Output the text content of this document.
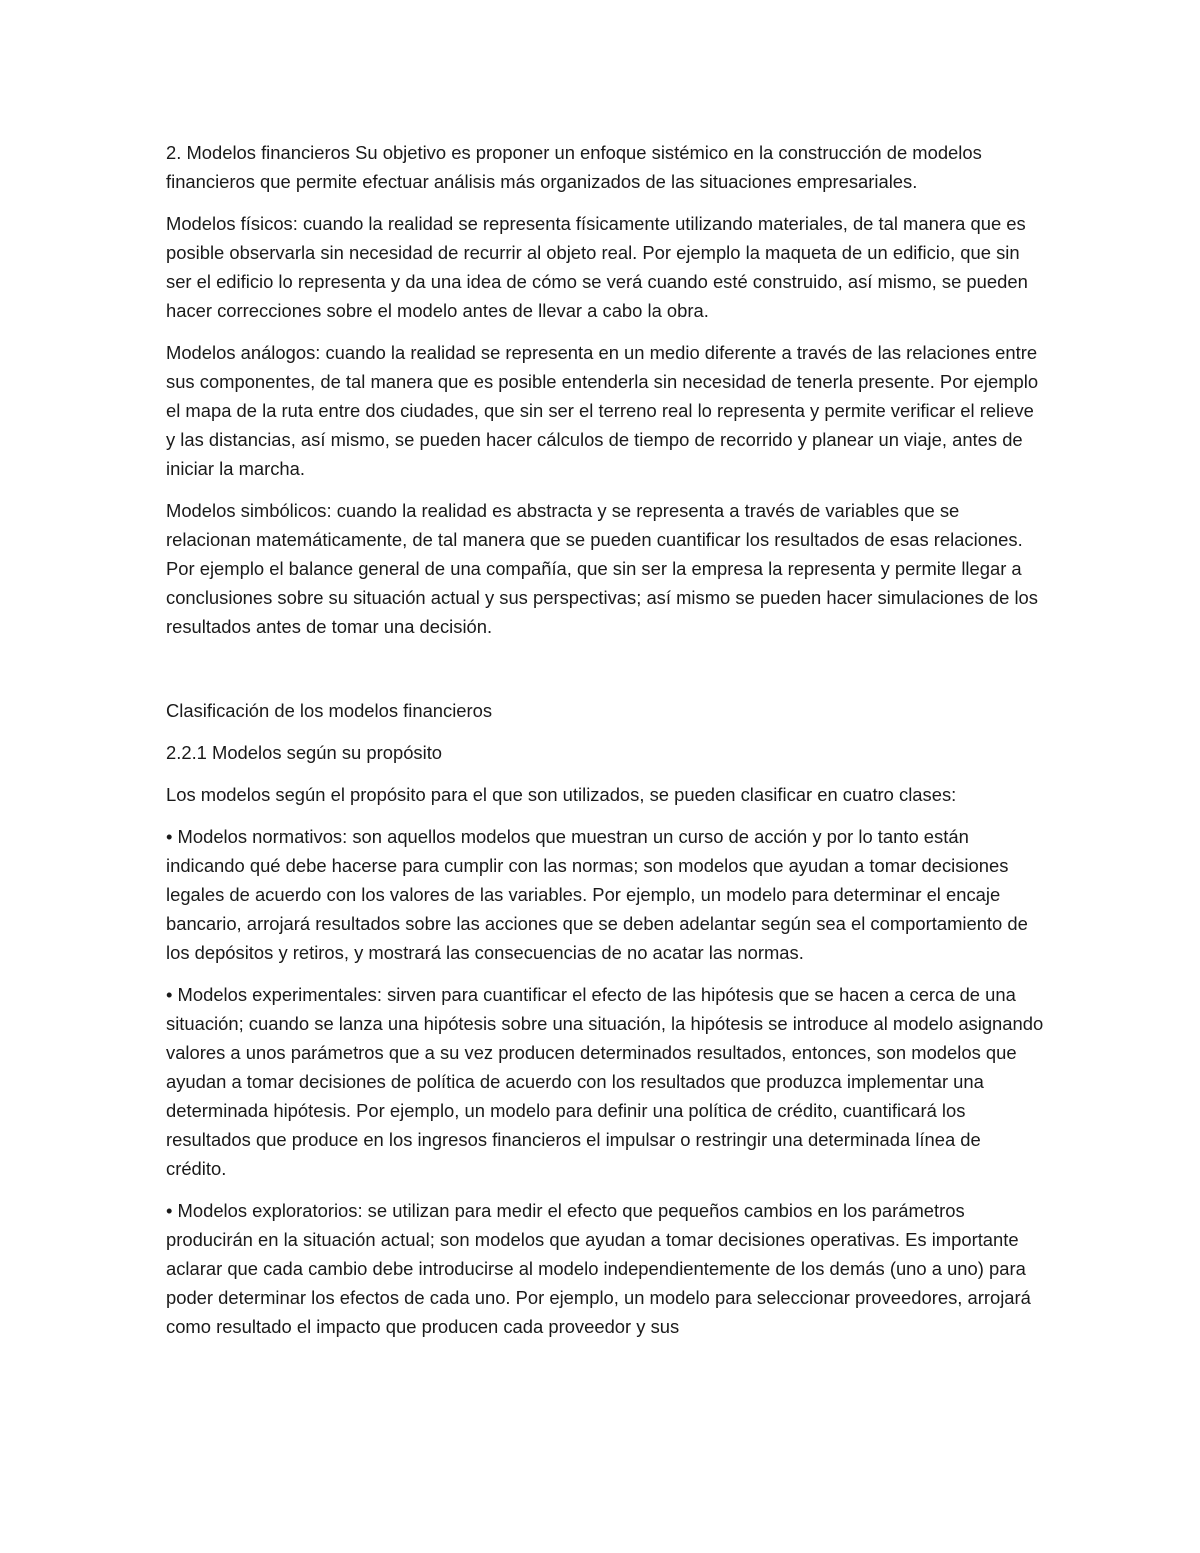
2. Modelos financieros Su objetivo es proponer un enfoque sistémico en la construcción de modelos financieros que permite efectuar análisis más organizados de las situaciones empresariales.

Modelos físicos: cuando la realidad se representa físicamente utilizando materiales, de tal manera que es posible observarla sin necesidad de recurrir al objeto real. Por ejemplo la maqueta de un edificio, que sin ser el edificio lo representa y da una idea de cómo se verá cuando esté construido, así mismo, se pueden hacer correcciones sobre el modelo antes de llevar a cabo la obra.

Modelos análogos: cuando la realidad se representa en un medio diferente a través de las relaciones entre sus componentes, de tal manera que es posible entenderla sin necesidad de tenerla presente. Por ejemplo el mapa de la ruta entre dos ciudades, que sin ser el terreno real lo representa y permite verificar el relieve y las distancias, así mismo, se pueden hacer cálculos de tiempo de recorrido y planear un viaje, antes de iniciar la marcha.

Modelos simbólicos: cuando la realidad es abstracta y se representa a través de variables que se relacionan matemáticamente, de tal manera que se pueden cuantificar los resultados de esas relaciones. Por ejemplo el balance general de una compañía, que sin ser la empresa la representa y permite llegar a conclusiones sobre su situación actual y sus perspectivas; así mismo se pueden hacer simulaciones de los resultados antes de tomar una decisión.

Clasificación de los modelos financieros

2.2.1 Modelos según su propósito

Los modelos según el propósito para el que son utilizados, se pueden clasificar en cuatro clases:

• Modelos normativos: son aquellos modelos que muestran un curso de acción y por lo tanto están indicando qué debe hacerse para cumplir con las normas; son modelos que ayudan a tomar decisiones legales de acuerdo con los valores de las variables. Por ejemplo, un modelo para determinar el encaje bancario, arrojará resultados sobre las acciones que se deben adelantar según sea el comportamiento de los depósitos y retiros, y mostrará las consecuencias de no acatar las normas.

• Modelos experimentales: sirven para cuantificar el efecto de las hipótesis que se hacen a cerca de una situación; cuando se lanza una hipótesis sobre una situación, la hipótesis se introduce al modelo asignando valores a unos parámetros que a su vez producen determinados resultados, entonces, son modelos que ayudan a tomar decisiones de política de acuerdo con los resultados que produzca implementar una determinada hipótesis. Por ejemplo, un modelo para definir una política de crédito, cuantificará los resultados que produce en los ingresos financieros el impulsar o restringir una determinada línea de crédito.

• Modelos exploratorios: se utilizan para medir el efecto que pequeños cambios en los parámetros producirán en la situación actual; son modelos que ayudan a tomar decisiones operativas. Es importante aclarar que cada cambio debe introducirse al modelo independientemente de los demás (uno a uno) para poder determinar los efectos de cada uno. Por ejemplo, un modelo para seleccionar proveedores, arrojará como resultado el impacto que producen cada proveedor y sus
